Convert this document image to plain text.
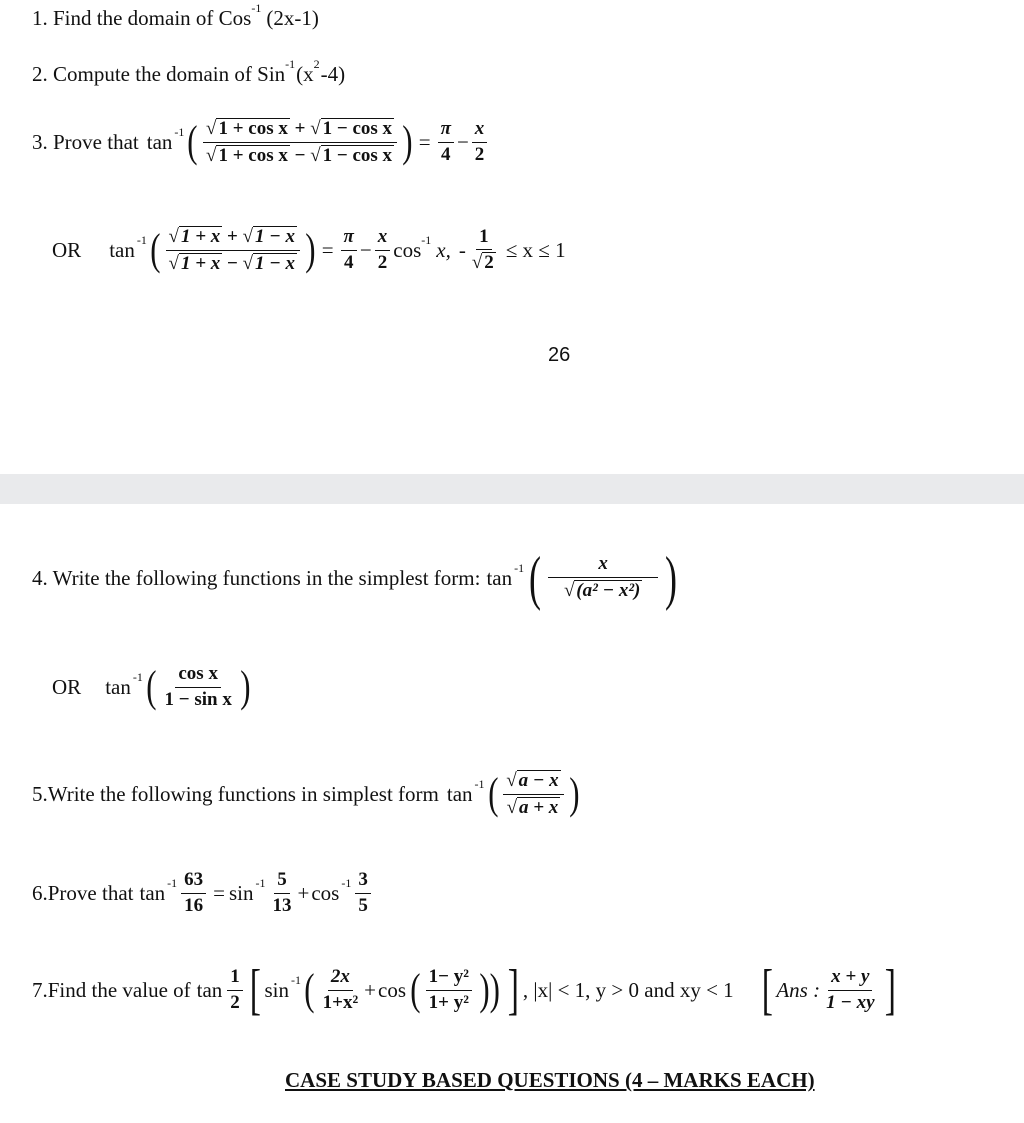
1. Find the domain of Cos -1 (2x-1)
2. Compute the domain of Sin -1 (x 2 -4)
3. Prove that tan -1 ( $\frac{\text{√ 1 + cos x + √ 1 − cos x}}{\text{√ 1 + cos x − √ 1 − cos x}}$ ) = $\frac{\pi}{4} - \frac{x}{2}$
OR tan -1 ( $\frac{√ 1 + x + √ 1 - x}{√ 1 + x - √ 1 - x}$ ) = $\frac{\pi}{4} - \frac{x}{2}$ cos -1 x, - $\frac{1}{√ 2} \le x \le 1$
26
4. Write the following functions in the simplest form: tan -1 ( $\frac{x}{\text{√ (a² − x²)}}$ )
OR tan -1 ( $\frac{\text{cos x}}{\text{1 − sin x}}$ )
5.Write the following functions in simplest form tan -1 ( $\frac{√ a - x}{√ a + x}$ )
6.Prove that $\tan -1 \frac{63}{16} = \sin -1 \frac{5}{13} + \cos -1 \frac{3}{5}$
7.Find the value of $\tan \frac{1}{2}$ [ sin -1 ( $\frac{2x}{\text{1+x²}} + \cos$ ( $\frac{\text{1− y²}}{\text{1+ y²}}$ )) ] , |x| < 1, y > 0 and xy < 1 [ Ans : $\frac{x + y}{1 - xy}$ ]
CASE STUDY BASED QUESTIONS (4 – MARKS EACH)
